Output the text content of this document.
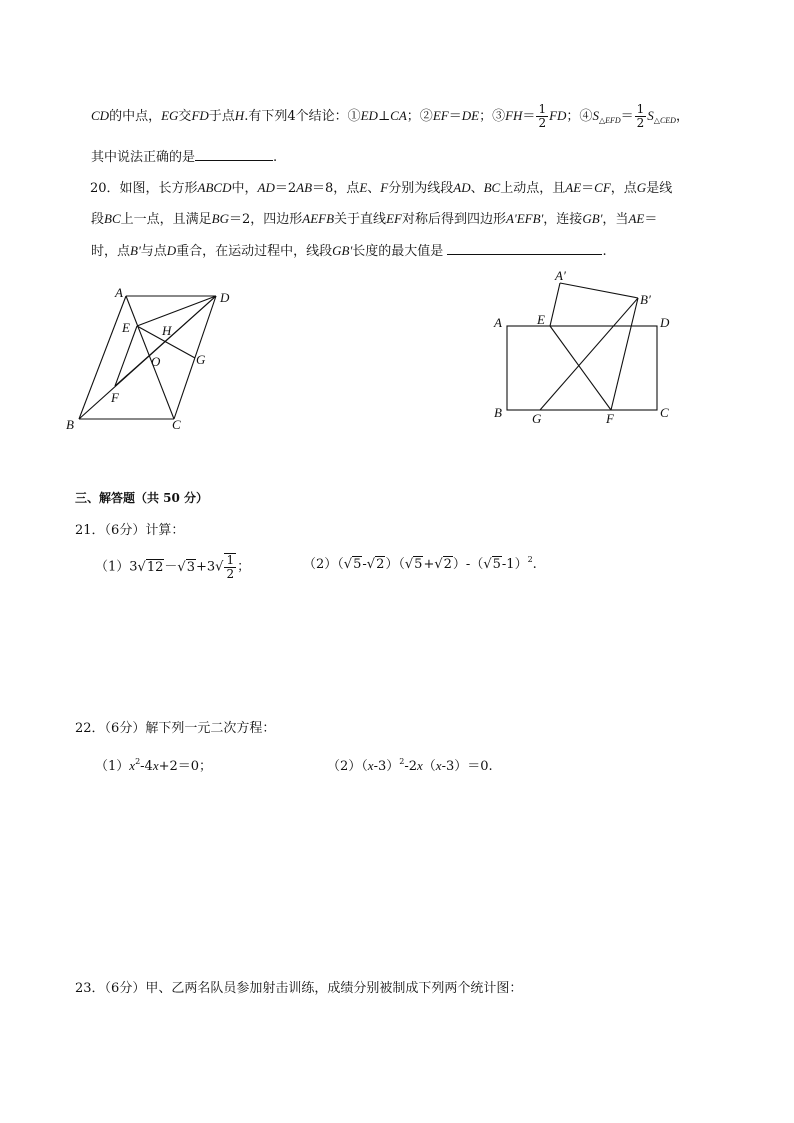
CD的中点，EG交FD于点H.有下列4个结论：①ED⊥CA；②EF＝DE；③FH＝ $\frac{1}{2}$ FD；$④S_{\triangle EFD}= \frac{1}{2} S_{\triangle CED}$，
其中说法正确的是	.
20．如图，长方形ABCD中，AD＝2AB＝8，点E、F分别为线段AD、BC上动点，且AE＝CF，点G是线
段BC上一点，且满足BG＝2，四边形AEFB关于直线EF对称后得到四边形A'EFB'，连接GB'，当AE＝
时，点B'与点D重合，在运动过程中，线段GB'长度的最大值是	.
A	D
E H
O	G
F
B	C
A′
B′
A	E	D
B G	F	C
三、解答题（共 50 分）
21．（6分）计算：
$(1)3√12-√3+3√ \frac{1}{2}$ ；	$(2)(√5-√2)(√5+√2)-(√5-1)^2$.
22．（6分）解下列一元二次方程：
$(1)x^2-4x+2=0$；	$(2)(x-3)^2-2x(x-3)=0$.
23．（6分）甲、乙两名队员参加射击训练，成绩分别被制成下列两个统计图：
